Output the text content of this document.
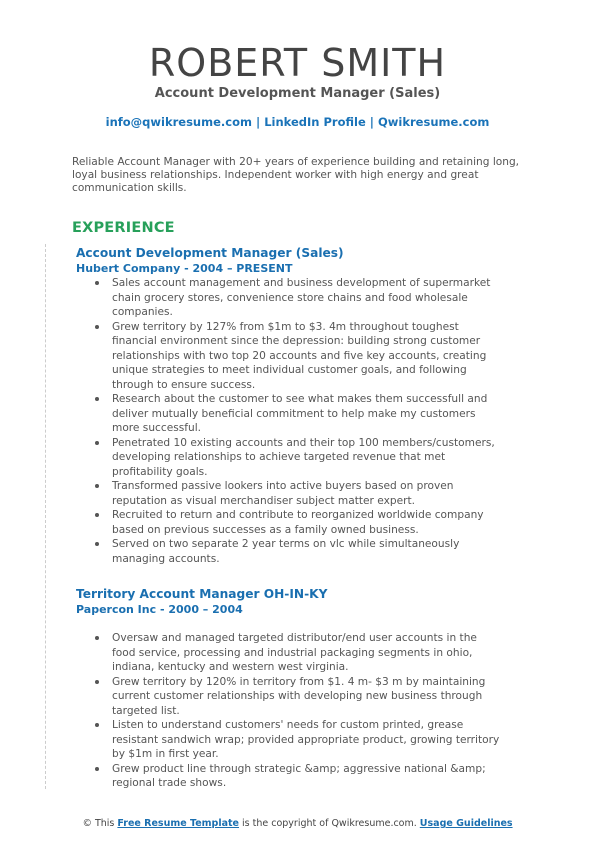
ROBERT SMITH
Account Development Manager (Sales)
info@qwikresume.com | LinkedIn Profile | Qwikresume.com
Reliable Account Manager with 20+ years of experience building and retaining long, loyal business relationships. Independent worker with high energy and great communication skills.
EXPERIENCE
Account Development Manager (Sales)
Hubert Company - 2004 – PRESENT
Sales account management and business development of supermarket chain grocery stores, convenience store chains and food wholesale companies.
Grew territory by 127% from $1m to $3. 4m throughout toughest financial environment since the depression: building strong customer relationships with two top 20 accounts and five key accounts, creating unique strategies to meet individual customer goals, and following through to ensure success.
Research about the customer to see what makes them successfull and deliver mutually beneficial commitment to help make my customers more successful.
Penetrated 10 existing accounts and their top 100 members/customers, developing relationships to achieve targeted revenue that met profitability goals.
Transformed passive lookers into active buyers based on proven reputation as visual merchandiser subject matter expert.
Recruited to return and contribute to reorganized worldwide company based on previous successes as a family owned business.
Served on two separate 2 year terms on vlc while simultaneously managing accounts.
Territory Account Manager OH-IN-KY
Papercon Inc - 2000 – 2004
Oversaw and managed targeted distributor/end user accounts in the food service, processing and industrial packaging segments in ohio, indiana, kentucky and western west virginia.
Grew territory by 120% in territory from $1. 4 m- $3 m by maintaining current customer relationships with developing new business through targeted list.
Listen to understand customers' needs for custom printed, grease resistant sandwich wrap; provided appropriate product, growing territory by $1m in first year.
Grew product line through strategic &amp; aggressive national &amp; regional trade shows.
© This Free Resume Template is the copyright of Qwikresume.com. Usage Guidelines
